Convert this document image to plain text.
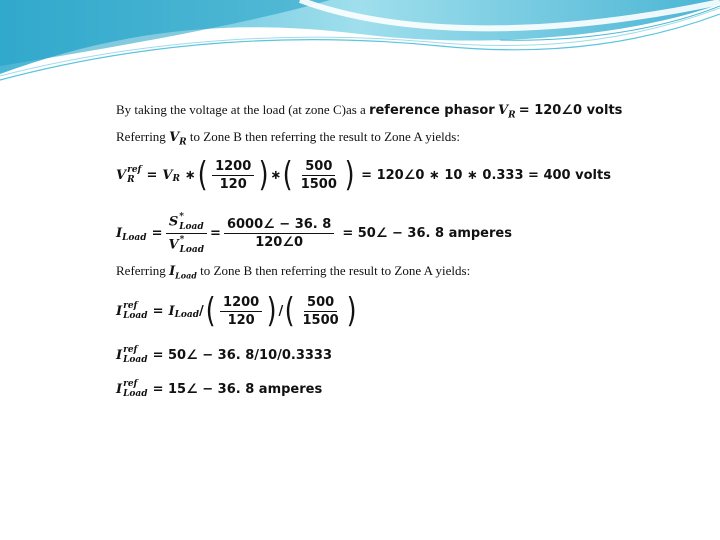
By taking the voltage at the load (at zone C)as a reference phasor $V_R$ = 120∠0 volts
Referring $V_R$ to Zone B then referring the result to Zone A yields:
V ref
R = V R ∗ ( $\frac{1200}{120}$ ) ∗ ( $\frac{500}{1500}$ ) = 120∠0 ∗ 10 ∗ 0.333 = 400 volts
I Load = S *
Load
V *
Load = $\frac{6000\angle - 36. 8}{120\angle 0}$ = 50∠ − 36. 8 amperes
Referring $I_{Load}$ to Zone B then referring the result to Zone A yields:
I ref
Load = I Load / ( $\frac{1200}{120}$ ) / ( $\frac{500}{1500}$ )
I ref
Load = 50∠ − 36. 8/10/0.3333
I ref
Load = 15∠ − 36. 8 amperes
